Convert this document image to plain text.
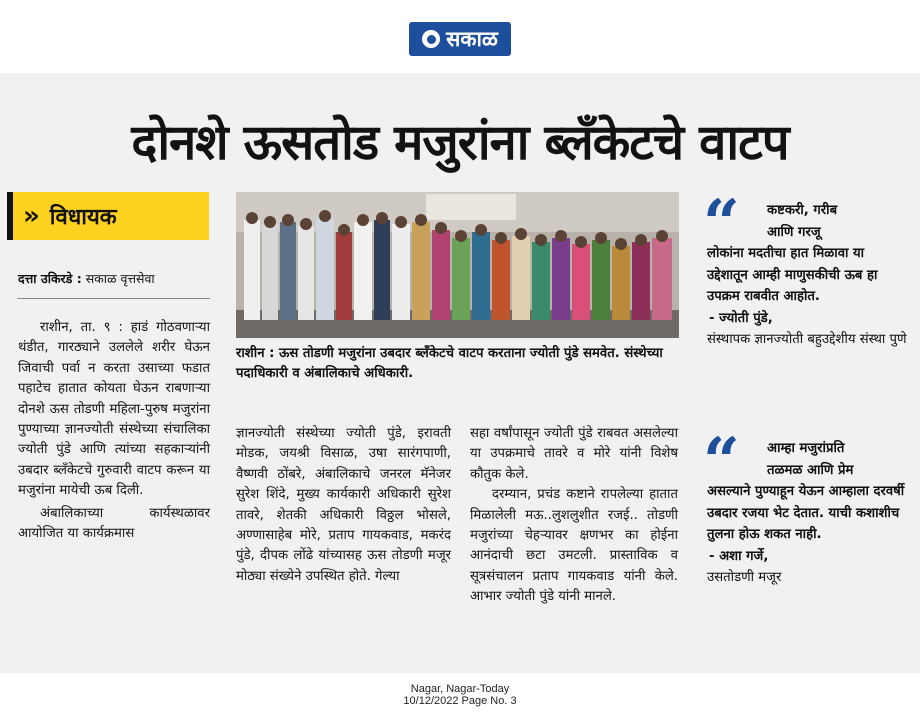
सकाळ
दोनशे ऊसतोड मजुरांना ब्लँकेटचे वाटप
» विधायक
दत्ता उकिरडे : सकाळ वृत्तसेवा

राशीन, ता. ९ : हाडं गोठवणाऱ्या थंडीत, गारठ्याने उललेले शरीर घेऊन जिवाची पर्वा न करता उसाच्या फडात पहाटेच हातात कोयता घेऊन राबणाऱ्या दोनशे ऊस तोडणी महिला-पुरुष मजुरांना पुण्याच्या ज्ञानज्योती संस्थेच्या संचालिका ज्योती पुंडे आणि त्यांच्या सहकाऱ्यांनी उबदार ब्लँकेटचे गुरुवारी वाटप करून या मजुरांना मायेची ऊब दिली.

अंबालिकाच्या कार्यस्थळावर आयोजित या कार्यक्रमास

राशीन : ऊस तोडणी मजुरांना उबदार ब्लँकेटचे वाटप करताना ज्योती पुंडे समवेत. संस्थेच्या पदाधिकारी व अंबालिकाचे अधिकारी.

ज्ञानज्योती संस्थेच्या ज्योती पुंडे, इरावती मोडक, जयश्री विसाळ, उषा सारंगपाणी, वैष्णवी ठोंबरे, अंबालिकाचे जनरल मॅनेजर सुरेश शिंदे, मुख्य कार्यकारी अधिकारी सुरेश तावरे, शेतकी अधिकारी विठ्ठल भोसले, अण्णासाहेब मोरे, प्रताप गायकवाड, मकरंद पुंडे, दीपक लोंढे यांच्यासह ऊस तोडणी मजूर मोठ्या संख्येने उपस्थित होते. गेल्या

सहा वर्षांपासून ज्योती पुंडे राबवत असलेल्या या उपक्रमाचे तावरे व मोरे यांनी विशेष कौतुक केले.

दरम्यान, प्रचंड कष्टाने रापलेल्या हातात मिळालेली मऊ..लुशलुशीत रजई.. तोडणी मजुरांच्या चेहऱ्यावर क्षणभर का होईना आनंदाची छटा उमटली. प्रास्ताविक व सूत्रसंचालन प्रताप गायकवाड यांनी केले. आभार ज्योती पुंडे यांनी मानले.

“	कष्टकरी, गरीब
आणि गरजू
लोकांना मदतीचा हात मिळावा या उद्देशातून आम्ही माणुसकीची ऊब हा उपक्रम राबवीत आहोत.
- ज्योती पुंडे,
संस्थापक ज्ञानज्योती बहुउद्देशीय संस्था पुणे
“	आम्हा मजुरांप्रति
तळमळ आणि प्रेम
असल्याने पुण्याहून येऊन आम्हाला दरवर्षी उबदार रजया भेट देतात. याची कशाशीच तुलना होऊ शकत नाही.
- अशा गर्जे,
उसतोडणी मजूर
Nagar, Nagar-Today
10/12/2022 Page No. 3
